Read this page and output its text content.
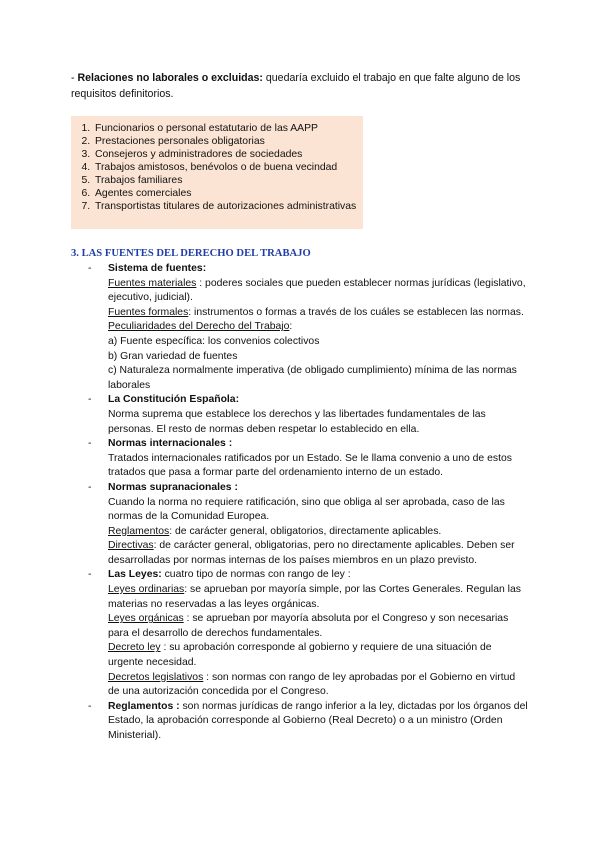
- Relaciones no laborales o excluidas: quedaría excluido el trabajo en que falte alguno de los requisitos definitorios.
1. Funcionarios o personal estatutario de las AAPP
2. Prestaciones personales obligatorias
3. Consejeros y administradores de sociedades
4. Trabajos amistosos, benévolos o de buena vecindad
5. Trabajos familiares
6. Agentes comerciales
7. Transportistas titulares de autorizaciones administrativas
3. LAS FUENTES DEL DERECHO DEL TRABAJO
- Sistema de fuentes:

Fuentes materiales : poderes sociales que pueden establecer normas jurídicas (legislativo, ejecutivo, judicial).

Fuentes formales: instrumentos o formas a través de los cuáles se establecen las normas.

Peculiaridades del Derecho del Trabajo:

a) Fuente específica: los convenios colectivos

b) Gran variedad de fuentes

c) Naturaleza normalmente imperativa (de obligado cumplimiento) mínima de las normas laborales

- La Constitución Española:

Norma suprema que establece los derechos y las libertades fundamentales de las personas. El resto de normas deben respetar lo establecido en ella.

- Normas internacionales :

Tratados internacionales ratificados por un Estado. Se le llama convenio a uno de estos tratados que pasa a formar parte del ordenamiento interno de un estado.

- Normas supranacionales :

Cuando la norma no requiere ratificación, sino que obliga al ser aprobada, caso de las normas de la Comunidad Europea.

Reglamentos: de carácter general, obligatorios, directamente aplicables.

Directivas: de carácter general, obligatorias, pero no directamente aplicables. Deben ser desarrolladas por normas internas de los países miembros en un plazo previsto.

- Las Leyes: cuatro tipo de normas con rango de ley :

Leyes ordinarias: se aprueban por mayoría simple, por las Cortes Generales. Regulan las materias no reservadas a las leyes orgánicas.

Leyes orgánicas : se aprueban por mayoría absoluta por el Congreso y son necesarias para el desarrollo de derechos fundamentales.

Decreto ley : su aprobación corresponde al gobierno y requiere de una situación de urgente necesidad.

Decretos legislativos : son normas con rango de ley aprobadas por el Gobierno en virtud de una autorización concedida por el Congreso.

- Reglamentos : son normas jurídicas de rango inferior a la ley, dictadas por los órganos del Estado, la aprobación corresponde al Gobierno (Real Decreto) o a un ministro (Orden Ministerial).
